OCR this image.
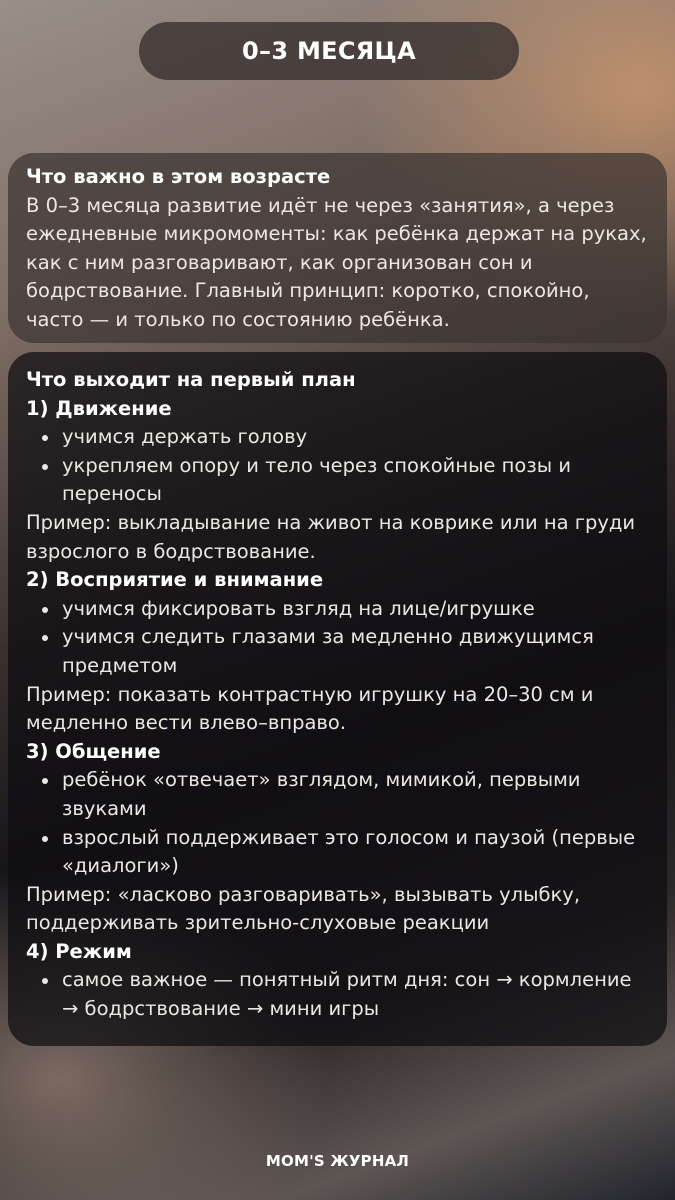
0–3 МЕСЯЦА
Что важно в этом возрасте
В 0–3 месяца развитие идёт не через «занятия», а через ежедневные микромоменты: как ребёнка держат на руках, как с ним разговаривают, как организован сон и бодрствование. Главный принцип: коротко, спокойно, часто — и только по состоянию ребёнка.
Что выходит на первый план
1) Движение
учимся держать голову
укрепляем опору и тело через спокойные позы и переносы
Пример: выкладывание на живот на коврике или на груди взрослого в бодрствование.
2) Восприятие и внимание
учимся фиксировать взгляд на лице/игрушке
учимся следить глазами за медленно движущимся предметом
Пример: показать контрастную игрушку на 20–30 см и медленно вести влево–вправо.
3) Общение
ребёнок «отвечает» взглядом, мимикой, первыми звуками
взрослый поддерживает это голосом и паузой (первые «диалоги»)
Пример: «ласково разговаривать», вызывать улыбку, поддерживать зрительно-слуховые реакции
4) Режим
самое важное — понятный ритм дня: сон → кормление → бодрствование → мини игры
MOM'S ЖУРНАЛ
